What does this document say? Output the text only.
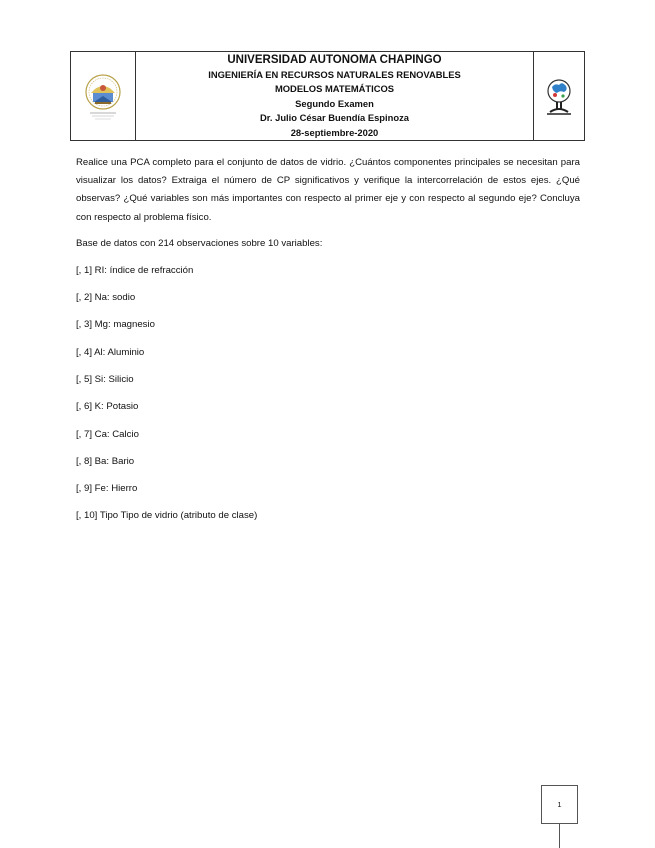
UNIVERSIDAD AUTONOMA CHAPINGO
INGENIERÍA EN RECURSOS NATURALES RENOVABLES
MODELOS MATEMÁTICOS
Segundo Examen
Dr. Julio César Buendía Espinoza
28-septiembre-2020

Realice una PCA completo para el conjunto de datos de vidrio. ¿Cuántos componentes principales se necesitan para visualizar los datos? Extraiga el número de CP significativos y verifique la intercorrelación de estos ejes. ¿Qué observas? ¿Qué variables son más importantes con respecto al primer eje y con respecto al segundo eje? Concluya con respecto al problema físico.

Base de datos con 214 observaciones sobre 10 variables:
[, 1] RI: índice de refracción
[, 2] Na: sodio
[, 3] Mg: magnesio
[, 4] Al: Aluminio
[, 5] Si: Silicio
[, 6] K: Potasio
[, 7] Ca: Calcio
[, 8] Ba: Bario
[, 9] Fe: Hierro
[, 10] Tipo Tipo de vidrio (atributo de clase)
1
